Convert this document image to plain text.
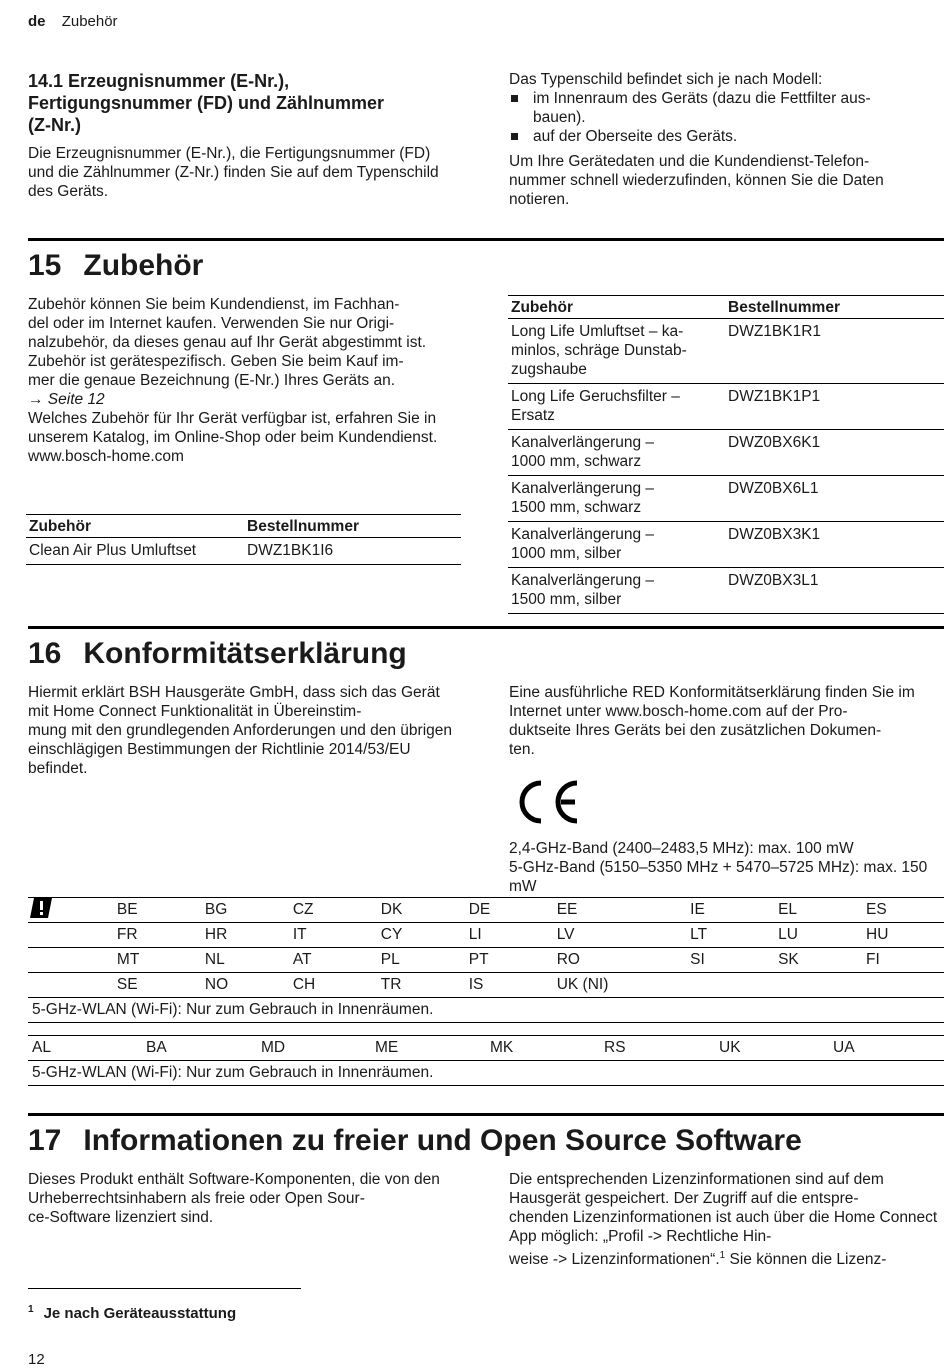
de Zubehör
14.1 Erzeugnisnummer (E-Nr.),
Fertigungsnummer (FD) und Zählnummer
(Z-Nr.)

Die Erzeugnisnummer (E-Nr.), die Fertigungsnummer (FD) und die Zählnummer (Z-Nr.) finden Sie auf dem Typenschild des Geräts.

Das Typenschild befindet sich je nach Modell:

im Innenraum des Geräts (dazu die Fettfilter aus-
bauen).
auf der Oberseite des Geräts.

Um Ihre Gerätedaten und die Kundendienst-Telefon-
nummer schnell wiederzufinden, können Sie die Daten notieren.

15 Zubehör

Zubehör können Sie beim Kundendienst, im Fachhan-
del oder im Internet kaufen. Verwenden Sie nur Origi-
nalzubehör, da dieses genau auf Ihr Gerät abgestimmt ist.

Zubehör ist gerätespezifisch. Geben Sie beim Kauf im-
mer die genaue Bezeichnung (E-Nr.) Ihres Geräts an.

→ Seite 12

Welches Zubehör für Ihr Gerät verfügbar ist, erfahren Sie in unserem Katalog, im Online-Shop oder beim Kundendienst.

www.bosch-home.com

Zubehör	Bestellnummer
Clean Air Plus Umluftset	DWZ1BK1I6
Zubehör	Bestellnummer
Long Life Umluftset – ka-
minlos, schräge Dunstab-
zugshaube	DWZ1BK1R1
Long Life Geruchsfilter –
Ersatz	DWZ1BK1P1
Kanalverlängerung –
1000 mm, schwarz	DWZ0BX6K1
Kanalverlängerung –
1500 mm, schwarz	DWZ0BX6L1
Kanalverlängerung –
1000 mm, silber	DWZ0BX3K1
Kanalverlängerung –
1500 mm, silber	DWZ0BX3L1
16 Konformitätserklärung

Hiermit erklärt BSH Hausgeräte GmbH, dass sich das Gerät mit Home Connect Funktionalität in Übereinstim-
mung mit den grundlegenden Anforderungen und den übrigen einschlägigen Bestimmungen der Richtlinie 2014/53/EU befindet.

Eine ausführliche RED Konformitätserklärung finden Sie im Internet unter www.bosch-home.com auf der Pro-
duktseite Ihres Geräts bei den zusätzlichen Dokumen-
ten.

2,4-GHz-Band (2400–2483,5 MHz): max. 100 mW
5-GHz-Band (5150–5350 MHz + 5470–5725 MHz): max. 150 mW

	BE	BG	CZ	DK	DE	EE	IE	EL	ES
	FR	HR	IT	CY	LI	LV	LT	LU	HU
	MT	NL	AT	PL	PT	RO	SI	SK	FI
	SE	NO	CH	TR	IS	UK (NI)			
5-GHz-WLAN (Wi-Fi): Nur zum Gebrauch in Innenräumen.									
AL	BA	MD	ME	MK	RS	UK	UA
5-GHz-WLAN (Wi-Fi): Nur zum Gebrauch in Innenräumen.
17 Informationen zu freier und Open Source Software

Dieses Produkt enthält Software-Komponenten, die von den Urheberrechtsinhabern als freie oder Open Sour-
ce-Software lizenziert sind.

Die entsprechenden Lizenzinformationen sind auf dem Hausgerät gespeichert. Der Zugriff auf die entspre-
chenden Lizenzinformationen ist auch über die Home Connect App möglich: „Profil -> Rechtliche Hin-
weise -> Lizenzinformationen“.$^1$ Sie können die Lizenz-

$^1$ Je nach Geräteausstattung
12
